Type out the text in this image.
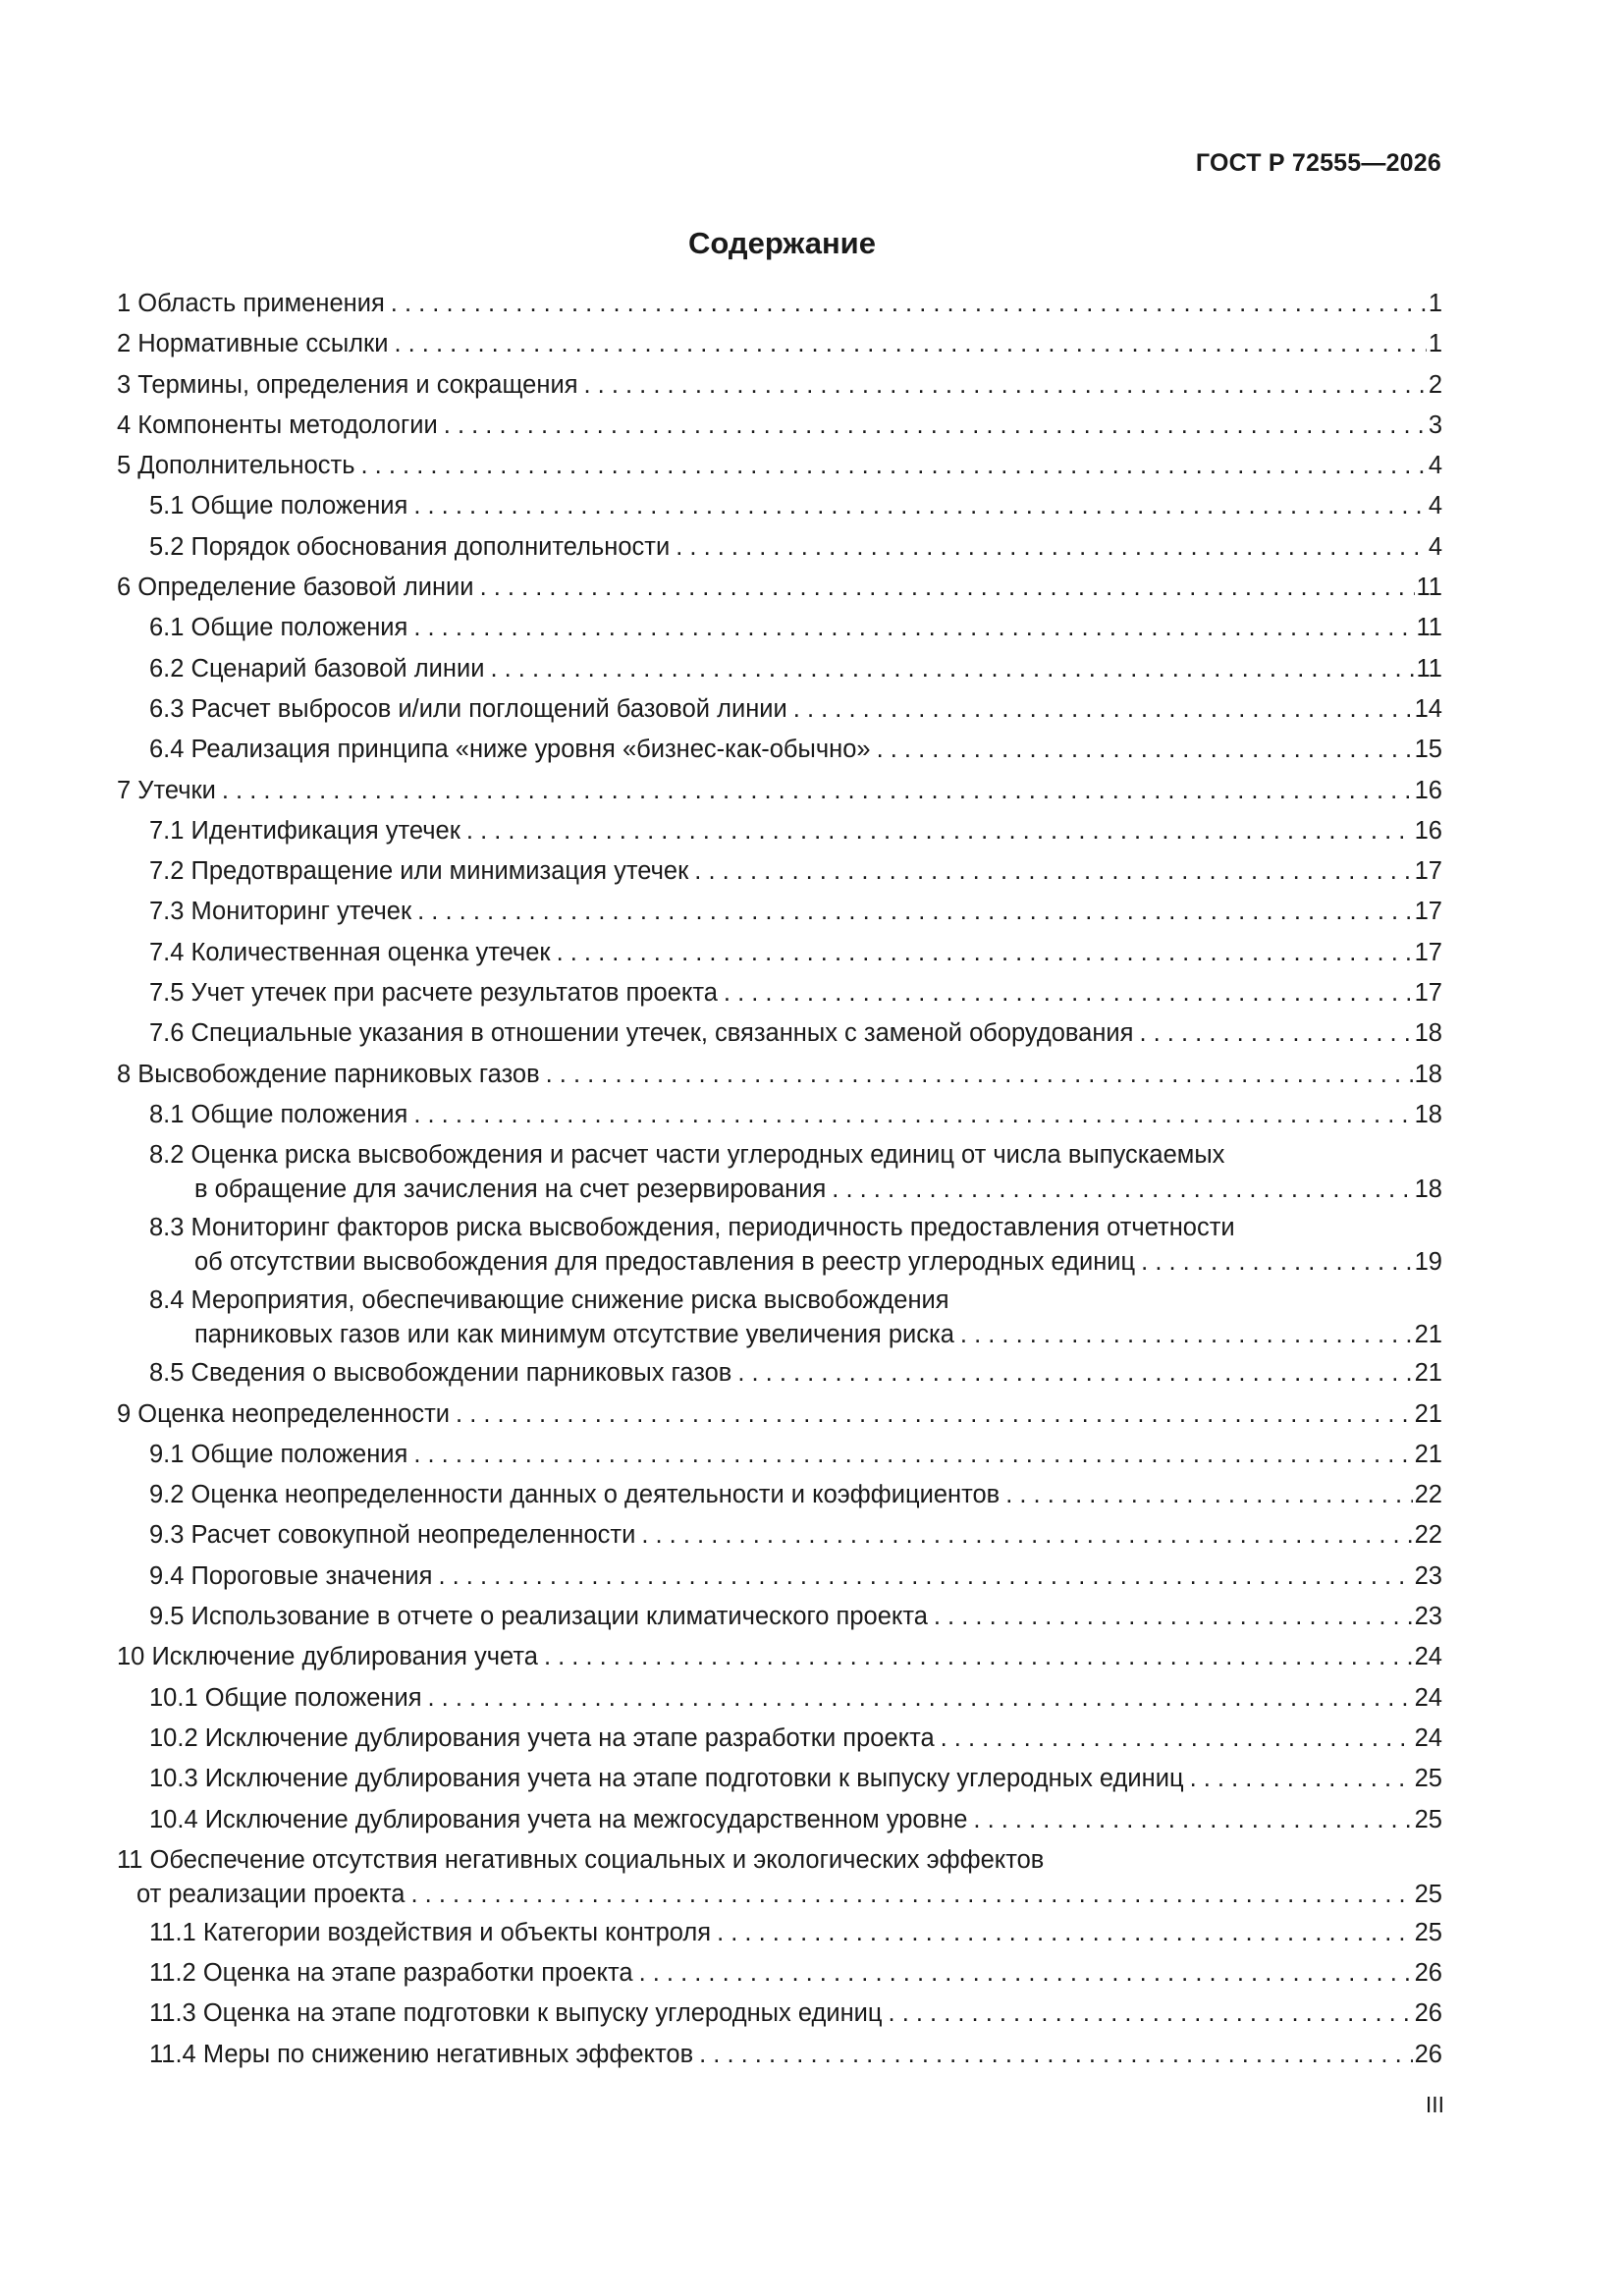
ГОСТ Р 72555—2026
Содержание
1 Область применения . . .	1
2 Нормативные ссылки . . .	1
3 Термины, определения и сокращения . . .	2
4 Компоненты методологии . . .	3
5 Дополнительность . . .	4
5.1 Общие положения . . .	4
5.2 Порядок обоснования дополнительности . . .	4
6 Определение базовой линии . . .	11
6.1 Общие положения . . .	11
6.2 Сценарий базовой линии . . .	11
6.3 Расчет выбросов и/или поглощений базовой линии . . .	14
6.4 Реализация принципа «ниже уровня «бизнес-как-обычно» . . .	15
7 Утечки . . .	16
7.1 Идентификация утечек . . .	16
7.2 Предотвращение или минимизация утечек . . .	17
7.3 Мониторинг утечек . . .	17
7.4 Количественная оценка утечек . . .	17
7.5 Учет утечек при расчете результатов проекта . . .	17
7.6 Специальные указания в отношении утечек, связанных с заменой оборудования . . .	18
8 Высвобождение парниковых газов . . .	18
8.1 Общие положения . . .	18
8.2 Оценка риска высвобождения и расчет части углеродных единиц от числа выпускаемых
в обращение для зачисления на счет резервирования . . .	18
8.3 Мониторинг факторов риска высвобождения, периодичность предоставления отчетности
об отсутствии высвобождения для предоставления в реестр углеродных единиц . . .	19
8.4 Мероприятия, обеспечивающие снижение риска высвобождения
парниковых газов или как минимум отсутствие увеличения риска . . .	21
8.5 Сведения о высвобождении парниковых газов . . .	21
9 Оценка неопределенности . . .	21
9.1 Общие положения . . .	21
9.2 Оценка неопределенности данных о деятельности и коэффициентов . . .	22
9.3 Расчет совокупной неопределенности . . .	22
9.4 Пороговые значения . . .	23
9.5 Использование в отчете о реализации климатического проекта . . .	23
10 Исключение дублирования учета . . .	24
10.1 Общие положения . . .	24
10.2 Исключение дублирования учета на этапе разработки проекта . . .	24
10.3 Исключение дублирования учета на этапе подготовки к выпуску углеродных единиц . . .	25
10.4 Исключение дублирования учета на межгосударственном уровне . . .	25
11 Обеспечение отсутствия негативных социальных и экологических эффектов
от реализации проекта . . .	25
11.1 Категории воздействия и объекты контроля . . .	25
11.2 Оценка на этапе разработки проекта . . .	26
11.3 Оценка на этапе подготовки к выпуску углеродных единиц . . .	26
11.4 Меры по снижению негативных эффектов . . .	26
III
